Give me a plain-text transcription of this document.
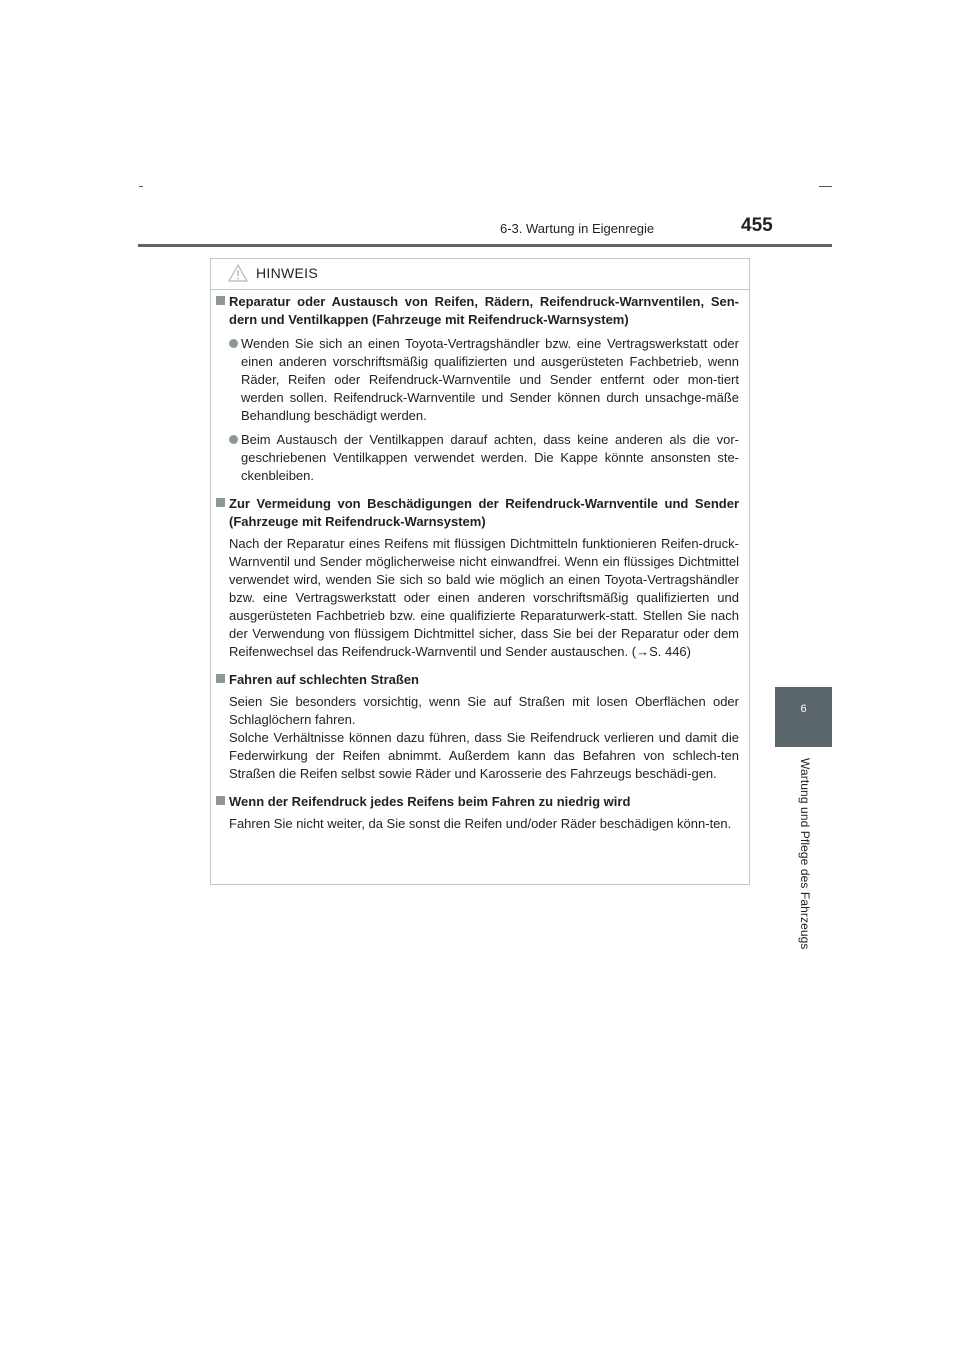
6-3. Wartung in Eigenregie	455
6
Wartung und Pflege des Fahrzeugs
HINWEIS
Reparatur oder Austausch von Reifen, Rädern, Reifendruck-Warnventilen, Sen-dern und Ventilkappen (Fahrzeuge mit Reifendruck-Warnsystem)
Wenden Sie sich an einen Toyota-Vertragshändler bzw. eine Vertragswerkstatt oder einen anderen vorschriftsmäßig qualifizierten und ausgerüsteten Fachbetrieb, wenn Räder, Reifen oder Reifendruck-Warnventile und Sender entfernt oder mon-tiert werden sollen. Reifendruck-Warnventile und Sender können durch unsachge-mäße Behandlung beschädigt werden.
Beim Austausch der Ventilkappen darauf achten, dass keine anderen als die vor-geschriebenen Ventilkappen verwendet werden. Die Kappe könnte ansonsten ste-ckenbleiben.
Zur Vermeidung von Beschädigungen der Reifendruck-Warnventile und Sender (Fahrzeuge mit Reifendruck-Warnsystem)
Nach der Reparatur eines Reifens mit flüssigen Dichtmitteln funktionieren Reifen-druck-Warnventil und Sender möglicherweise nicht einwandfrei. Wenn ein flüssiges Dichtmittel verwendet wird, wenden Sie sich so bald wie möglich an einen Toyota-Vertragshändler bzw. eine Vertragswerkstatt oder einen anderen vorschriftsmäßig qualifizierten und ausgerüsteten Fachbetrieb bzw. eine qualifizierte Reparaturwerk-statt. Stellen Sie nach der Verwendung von flüssigem Dichtmittel sicher, dass Sie bei der Reparatur oder dem Reifenwechsel das Reifendruck-Warnventil und Sender austauschen. (→S. 446)
Fahren auf schlechten Straßen
Seien Sie besonders vorsichtig, wenn Sie auf Straßen mit losen Oberflächen oder Schlaglöchern fahren.
Solche Verhältnisse können dazu führen, dass Sie Reifendruck verlieren und damit die Federwirkung der Reifen abnimmt. Außerdem kann das Befahren von schlech-ten Straßen die Reifen selbst sowie Räder und Karosserie des Fahrzeugs beschädi-gen.
Wenn der Reifendruck jedes Reifens beim Fahren zu niedrig wird
Fahren Sie nicht weiter, da Sie sonst die Reifen und/oder Räder beschädigen könn-ten.
